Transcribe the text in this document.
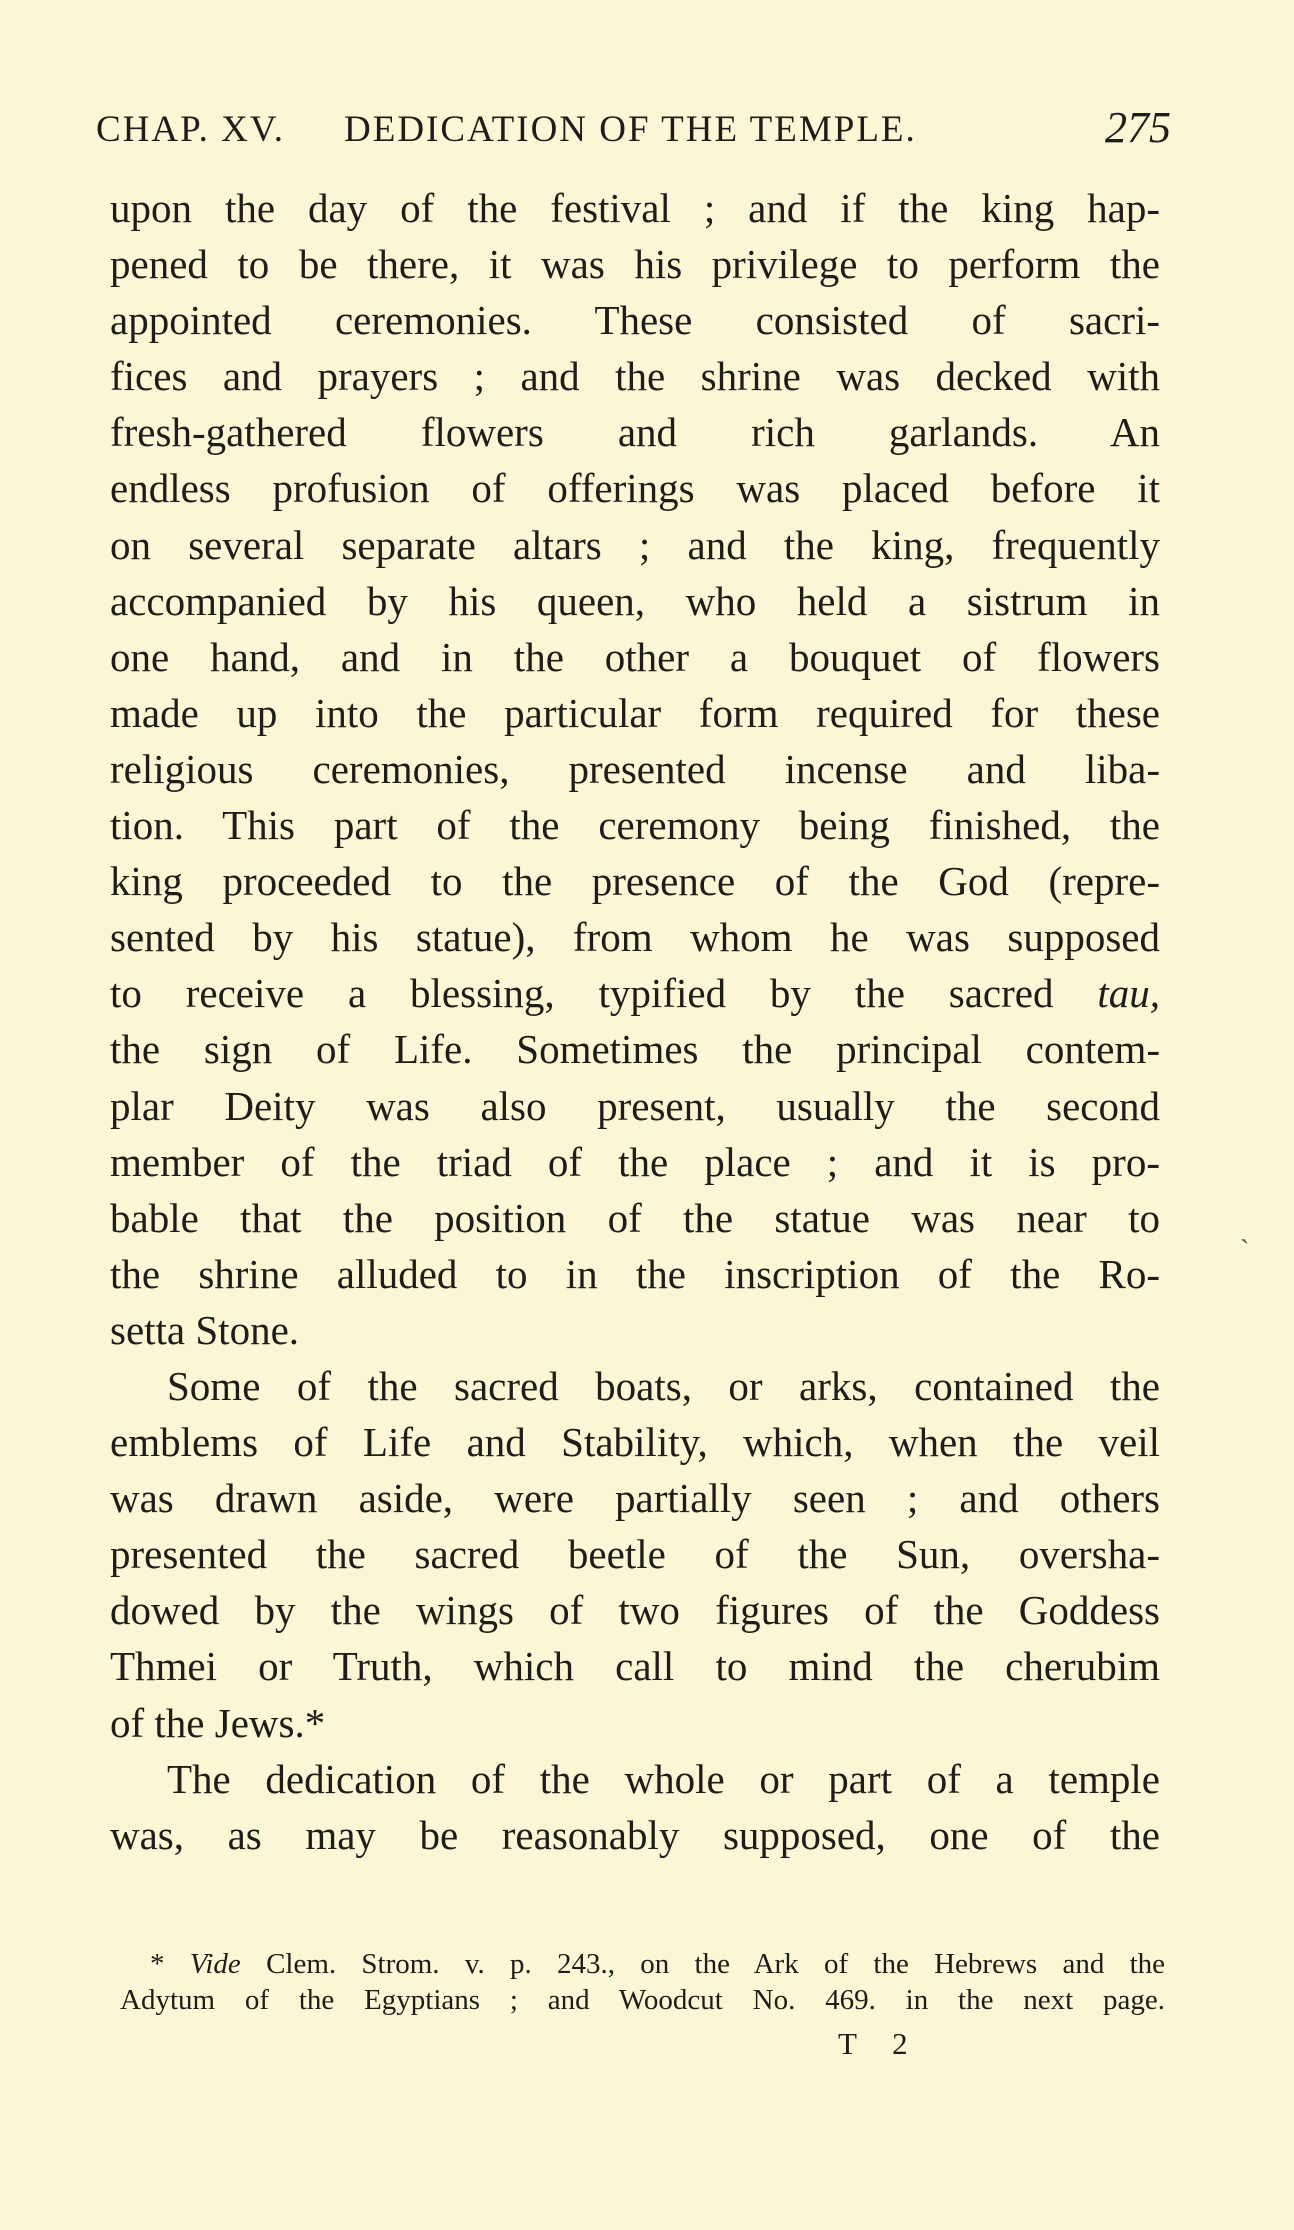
CHAP. XV. DEDICATION OF THE TEMPLE.	275
upon the day of the festival ; and if the king hap-
pened to be there, it was his privilege to perform the
appointed ceremonies. These consisted of sacri-
fices and prayers ; and the shrine was decked with
fresh-gathered flowers and rich garlands. An
endless profusion of offerings was placed before it
on several separate altars ; and the king, frequently
accompanied by his queen, who held a sistrum in
one hand, and in the other a bouquet of flowers
made up into the particular form required for these
religious ceremonies, presented incense and liba-
tion. This part of the ceremony being finished, the
king proceeded to the presence of the God (repre-
sented by his statue), from whom he was supposed
to receive a blessing, typified by the sacred tau,
the sign of Life. Sometimes the principal contem-
plar Deity was also present, usually the second
member of the triad of the place ; and it is pro-
bable that the position of the statue was near to
the shrine alluded to in the inscription of the Ro-
setta Stone.
Some of the sacred boats, or arks, contained the
emblems of Life and Stability, which, when the veil
was drawn aside, were partially seen ; and others
presented the sacred beetle of the Sun, oversha-
dowed by the wings of two figures of the Goddess
Thmei or Truth, which call to mind the cherubim
of the Jews.*
The dedication of the whole or part of a temple
was, as may be reasonably supposed, one of the
`
* Vide Clem. Strom. v. p. 243., on the Ark of the Hebrews and the
Adytum of the Egyptians ; and Woodcut No. 469. in the next page.
T 2
